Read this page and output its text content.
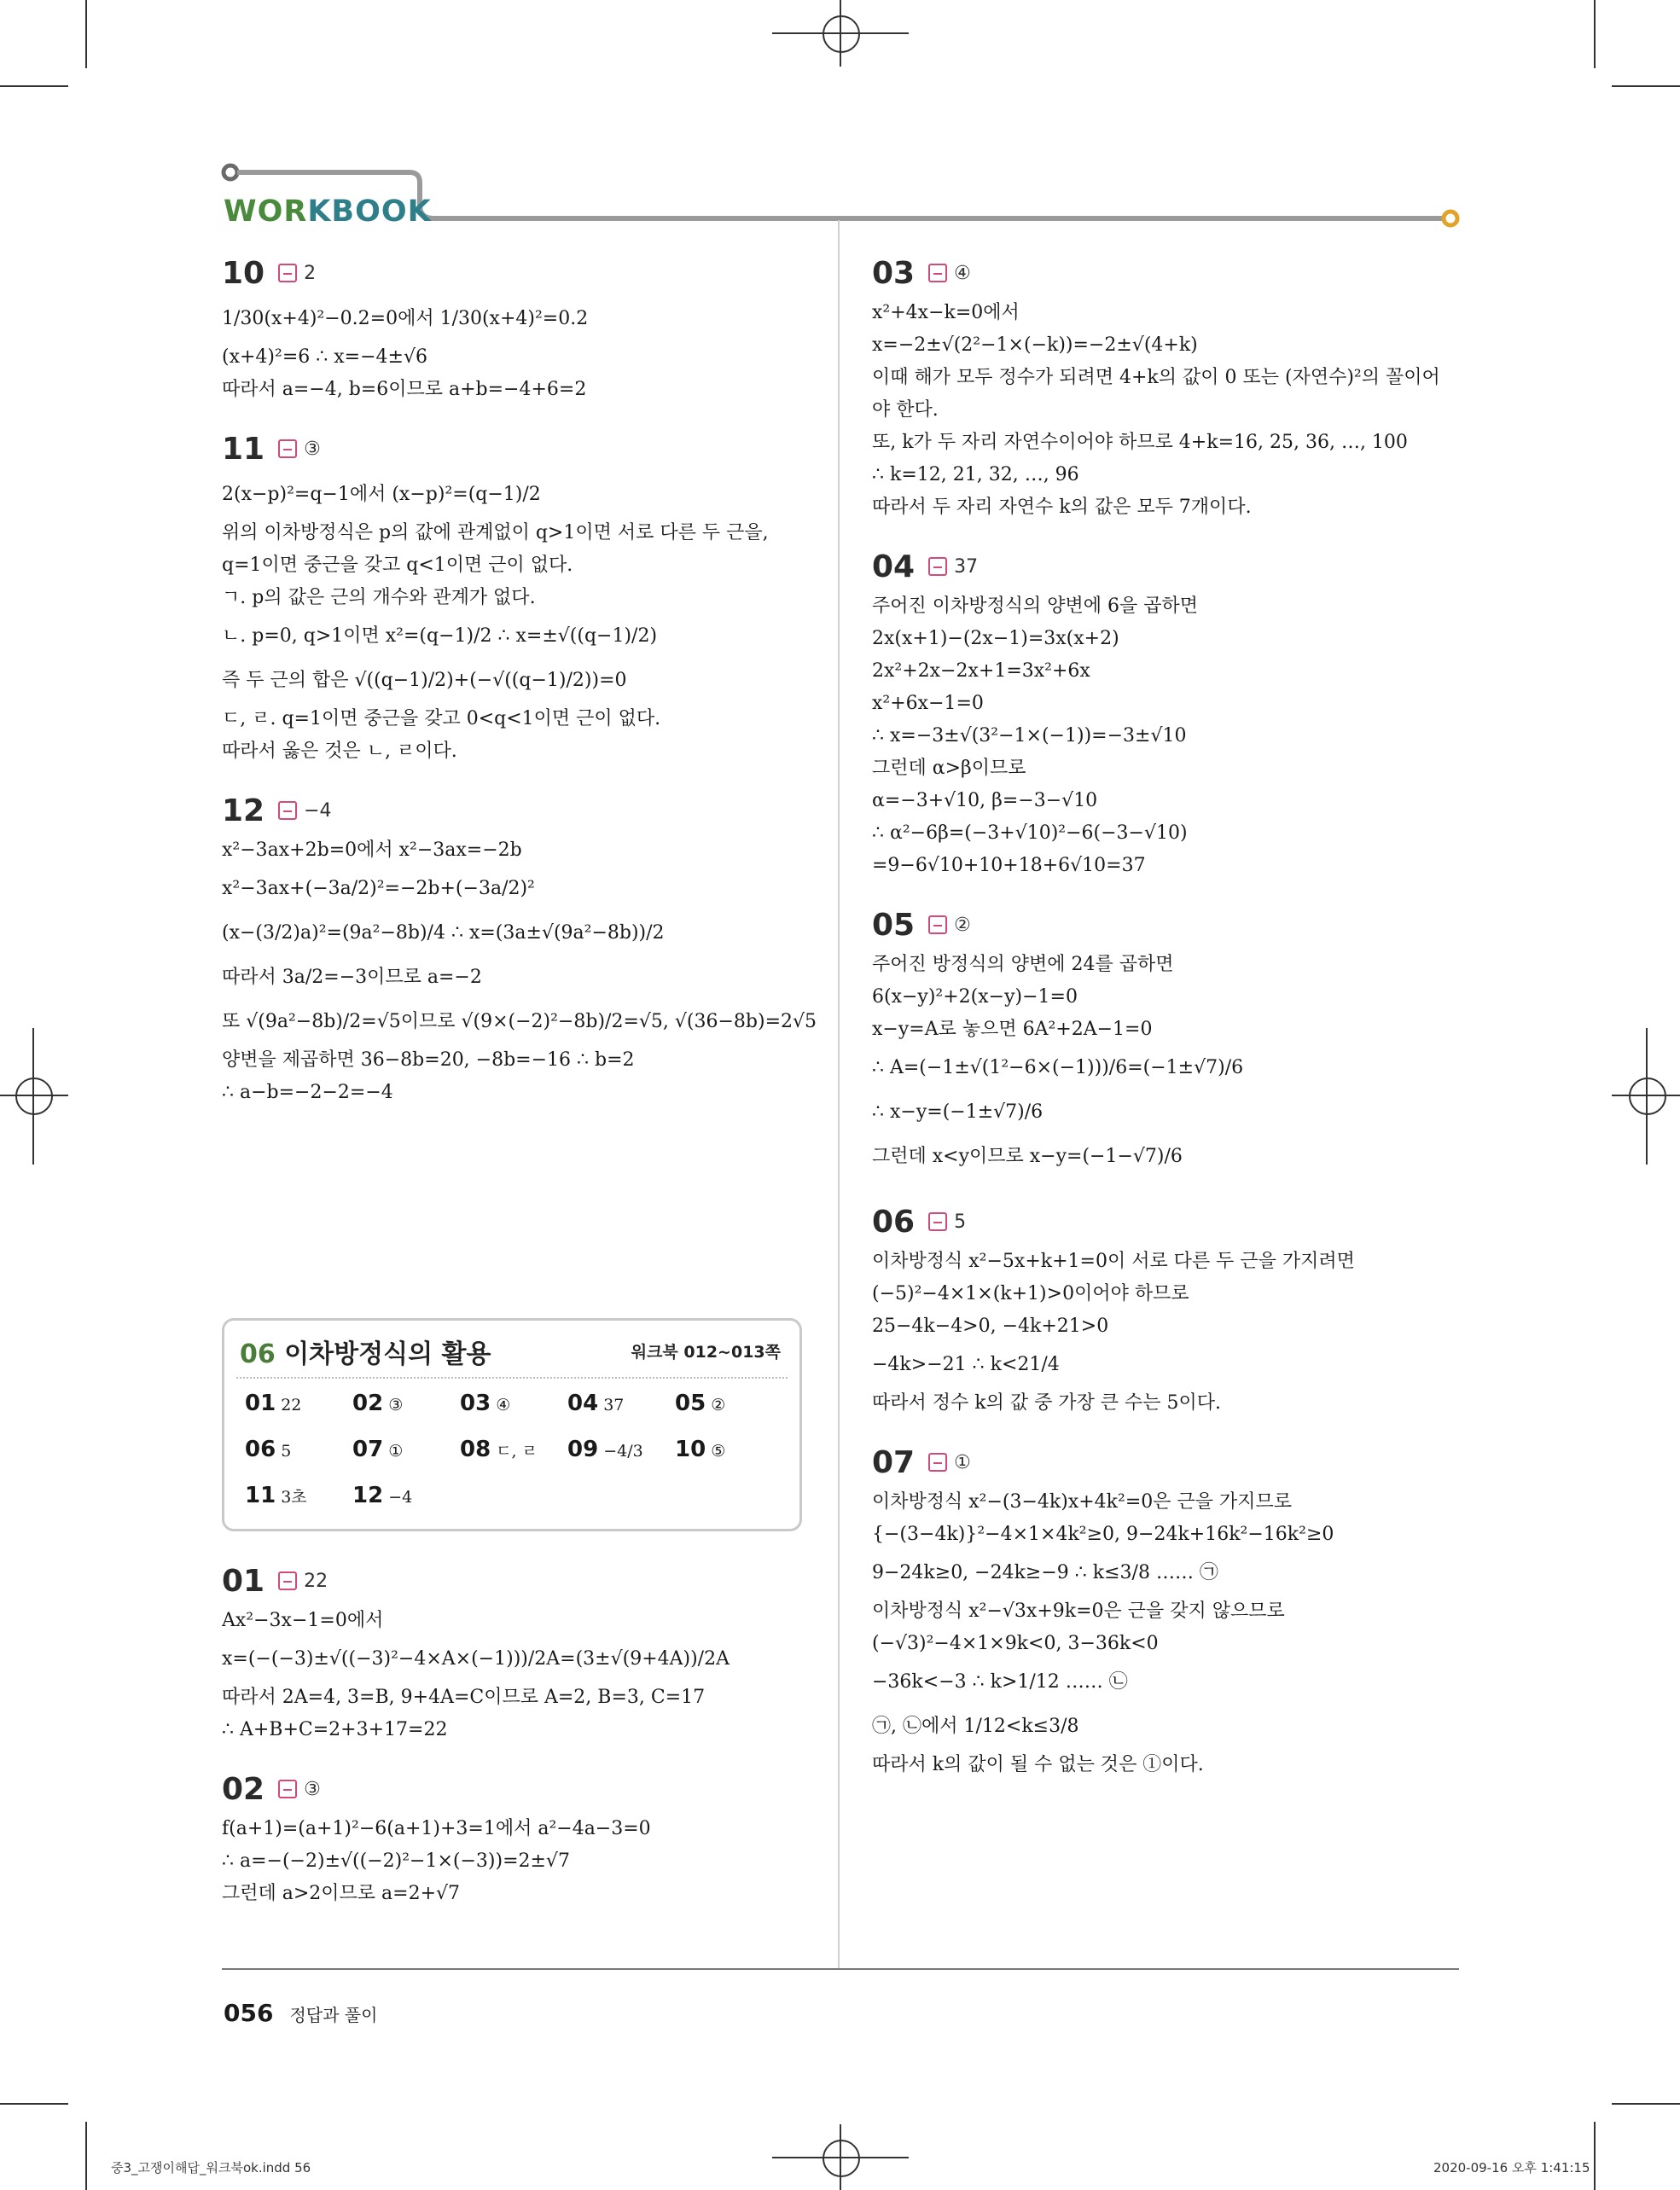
WORKBOOK
10 2
1/30(x+4)²−0.2=0에서 1/30(x+4)²=0.2
(x+4)²=6 ∴ x=−4±√6
따라서 a=−4, b=6이므로 a+b=−4+6=2
11 ③
2(x−p)²=q−1에서 (x−p)²=(q−1)/2
위의 이차방정식은 p의 값에 관계없이 q>1이면 서로 다른 두 근을,
q=1이면 중근을 갖고 q<1이면 근이 없다.
ㄱ. p의 값은 근의 개수와 관계가 없다.
ㄴ. p=0, q>1이면 x²=(q−1)/2 ∴ x=±√((q−1)/2)
즉 두 근의 합은 √((q−1)/2)+(−√((q−1)/2))=0
ㄷ, ㄹ. q=1이면 중근을 갖고 0<q<1이면 근이 없다.
따라서 옳은 것은 ㄴ, ㄹ이다.
12 −4
x²−3ax+2b=0에서 x²−3ax=−2b
x²−3ax+(−3a/2)²=−2b+(−3a/2)²
(x−(3/2)a)²=(9a²−8b)/4 ∴ x=(3a±√(9a²−8b))/2
따라서 3a/2=−3이므로 a=−2
또 √(9a²−8b)/2=√5이므로 √(9×(−2)²−8b)/2=√5, √(36−8b)=2√5
양변을 제곱하면 36−8b=20, −8b=−16 ∴ b=2
∴ a−b=−2−2=−4
06 이차방정식의 활용	워크북 012~013쪽
01 22	02 ③	03 ④	04 37	05 ②
06 5	07 ①	08 ㄷ, ㄹ	09 −4/3	10 ⑤
11 3초	12 −4
01 22
Ax²−3x−1=0에서
x=(−(−3)±√((−3)²−4×A×(−1)))/2A=(3±√(9+4A))/2A
따라서 2A=4, 3=B, 9+4A=C이므로 A=2, B=3, C=17
∴ A+B+C=2+3+17=22
02 ③
f(a+1)=(a+1)²−6(a+1)+3=1에서 a²−4a−3=0
∴ a=−(−2)±√((−2)²−1×(−3))=2±√7
그런데 a>2이므로 a=2+√7
03 ④
x²+4x−k=0에서
x=−2±√(2²−1×(−k))=−2±√(4+k)
이때 해가 모두 정수가 되려면 4+k의 값이 0 또는 (자연수)²의 꼴이어
야 한다.
또, k가 두 자리 자연수이어야 하므로 4+k=16, 25, 36, …, 100
∴ k=12, 21, 32, …, 96
따라서 두 자리 자연수 k의 값은 모두 7개이다.
04 37
주어진 이차방정식의 양변에 6을 곱하면
2x(x+1)−(2x−1)=3x(x+2)
2x²+2x−2x+1=3x²+6x
x²+6x−1=0
∴ x=−3±√(3²−1×(−1))=−3±√10
그런데 α>β이므로
α=−3+√10, β=−3−√10
∴ α²−6β=(−3+√10)²−6(−3−√10)
=9−6√10+10+18+6√10=37
05 ②
주어진 방정식의 양변에 24를 곱하면
6(x−y)²+2(x−y)−1=0
x−y=A로 놓으면 6A²+2A−1=0
∴ A=(−1±√(1²−6×(−1)))/6=(−1±√7)/6
∴ x−y=(−1±√7)/6
그런데 x<y이므로 x−y=(−1−√7)/6
06 5
이차방정식 x²−5x+k+1=0이 서로 다른 두 근을 가지려면
(−5)²−4×1×(k+1)>0이어야 하므로
25−4k−4>0, −4k+21>0
−4k>−21 ∴ k<21/4
따라서 정수 k의 값 중 가장 큰 수는 5이다.
07 ①
이차방정식 x²−(3−4k)x+4k²=0은 근을 가지므로
{−(3−4k)}²−4×1×4k²≥0, 9−24k+16k²−16k²≥0
9−24k≥0, −24k≥−9 ∴ k≤3/8 …… ㉠
이차방정식 x²−√3x+9k=0은 근을 갖지 않으므로
(−√3)²−4×1×9k<0, 3−36k<0
−36k<−3 ∴ k>1/12 …… ㉡
㉠, ㉡에서 1/12<k≤3/8
따라서 k의 값이 될 수 없는 것은 ①이다.
056 정답과 풀이
중3_고쟁이해답_워크북ok.indd 56	2020-09-16 오후 1:41:15
